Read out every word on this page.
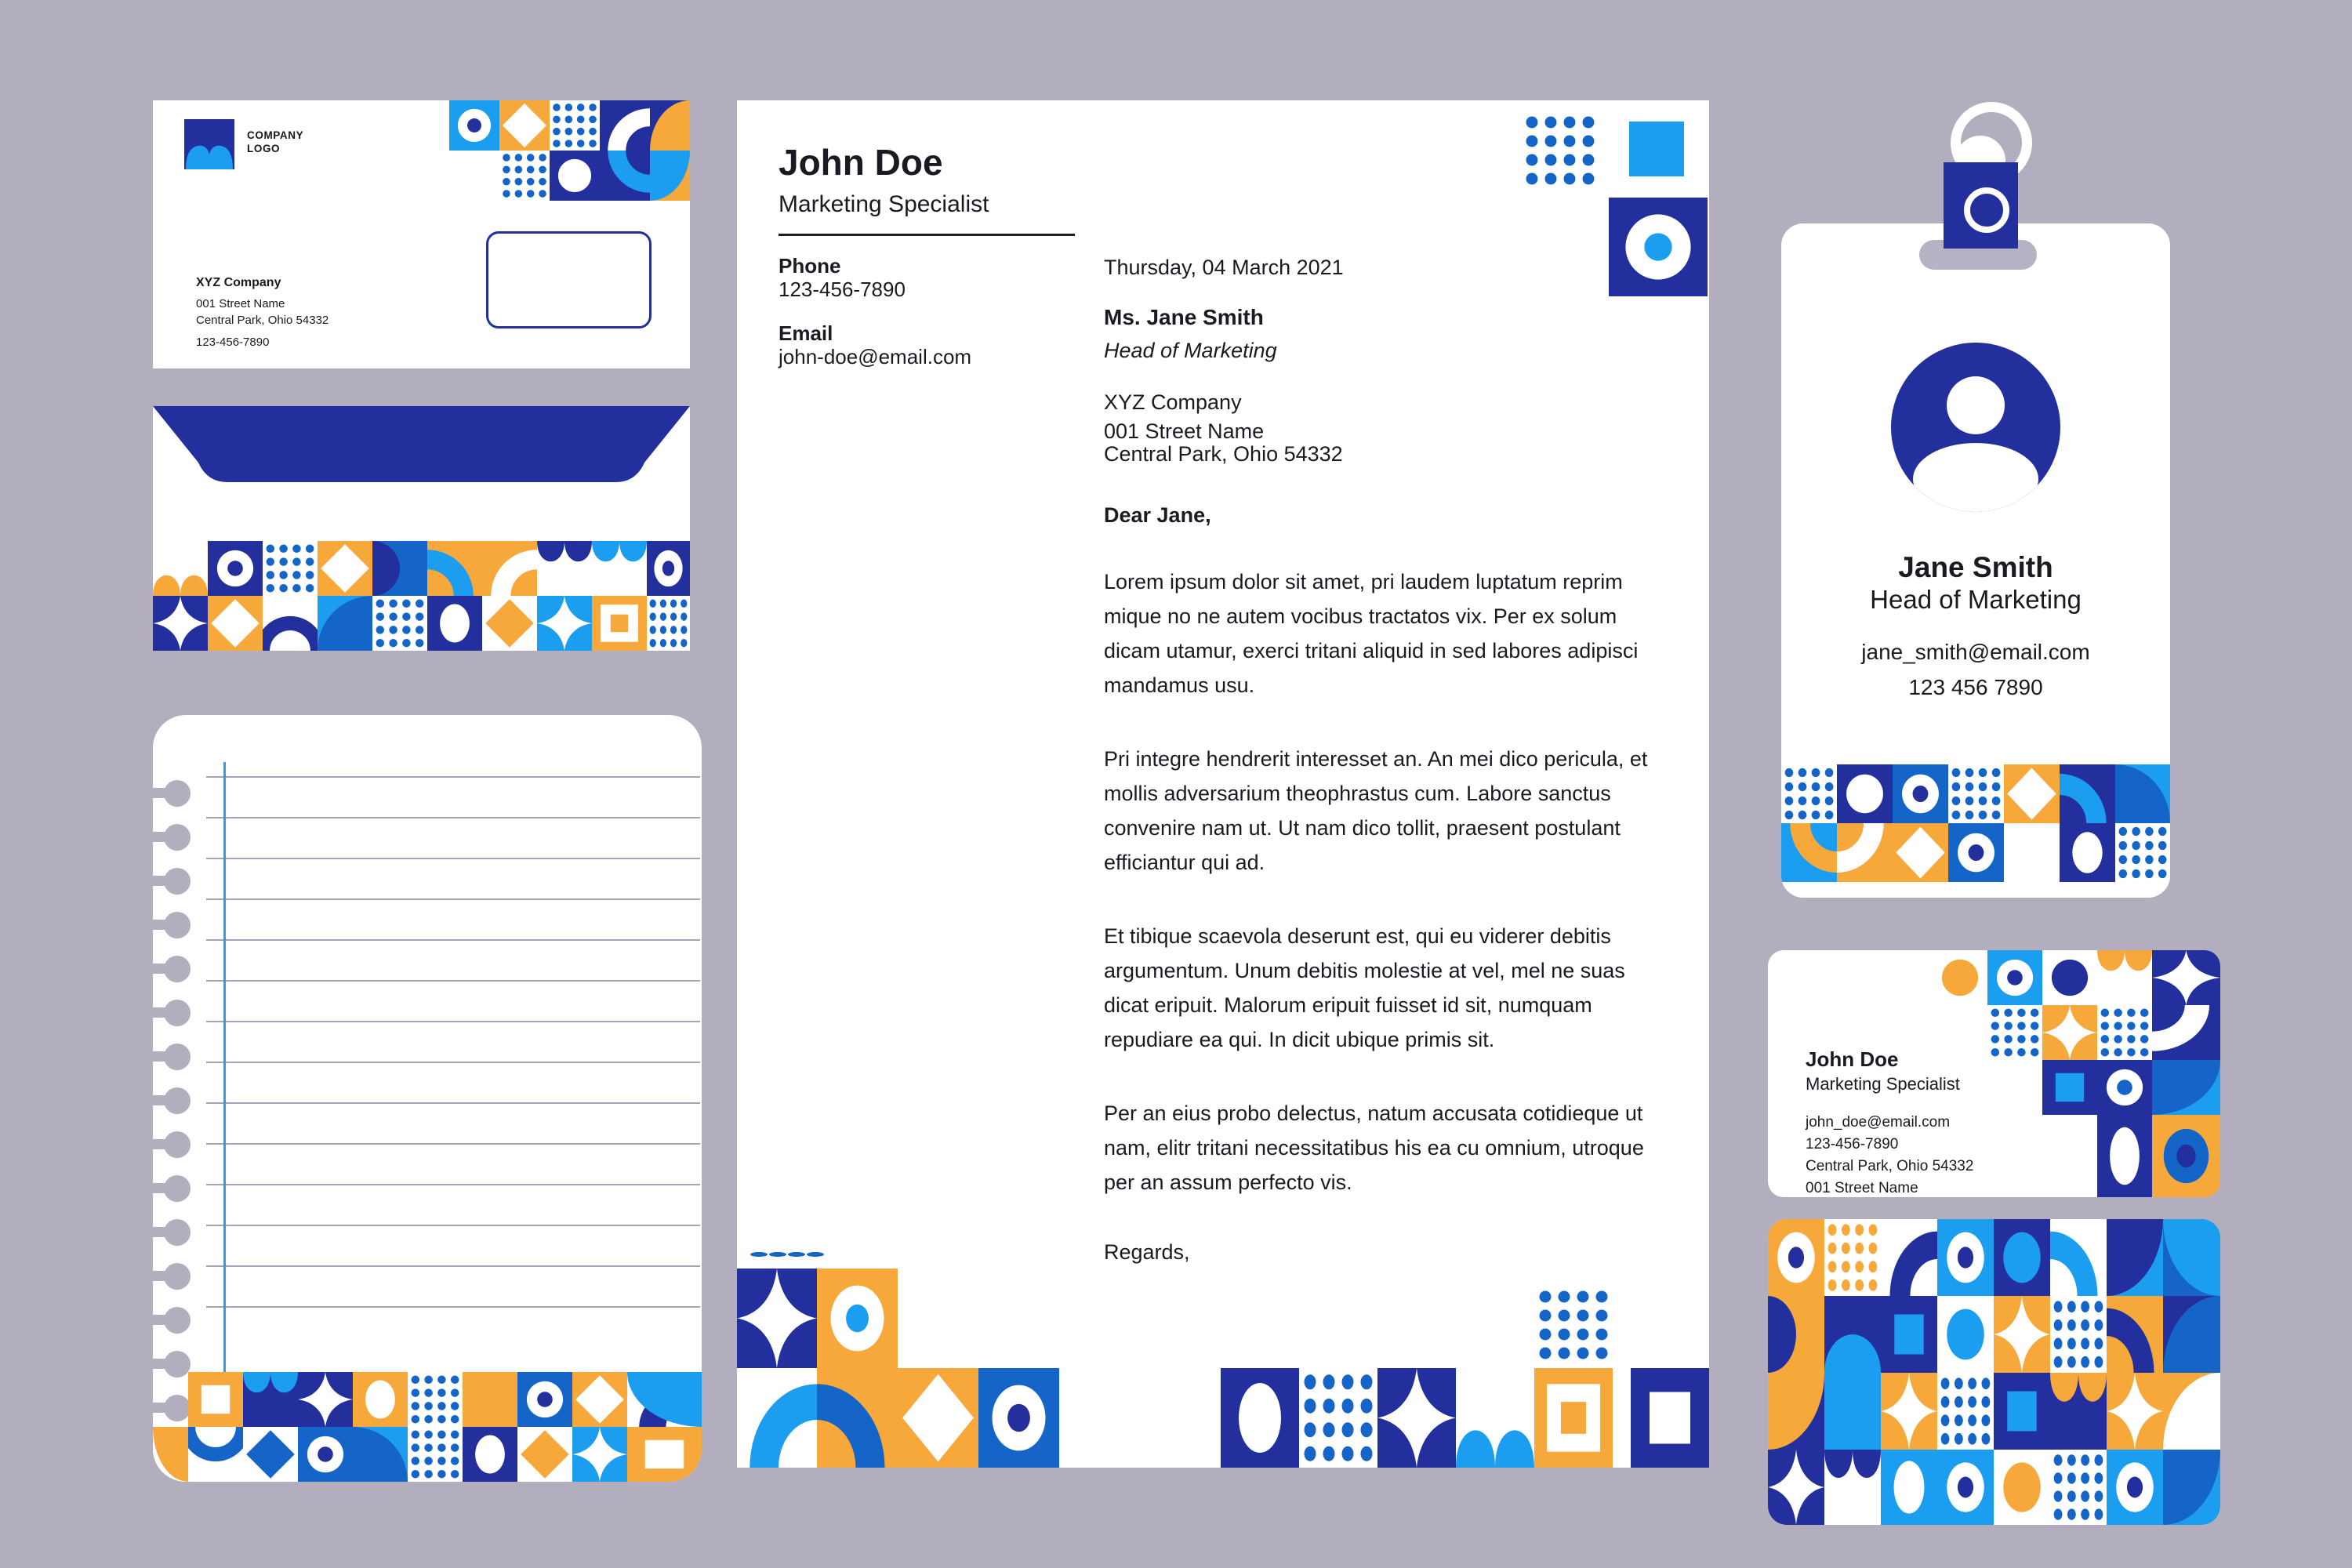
COMPANY
LOGO
XYZ Company
001 Street Name
Central Park, Ohio 54332
123-456-7890
John Doe
Marketing Specialist
Phone
123-456-7890
Email
john-doe@email.com
Thursday, 04 March 2021
Ms. Jane Smith
Head of Marketing
XYZ Company
001 Street Name
Central Park, Ohio 54332
Dear Jane,

Lorem ipsum dolor sit amet, pri laudem luptatum reprim mique no ne autem vocibus tractatos vix. Per ex solum dicam utamur, exerci tritani aliquid in sed labores adipisci mandamus usu.

Pri integre hendrerit interesset an. An mei dico pericula, et mollis adversarium theophrastus cum. Labore sanctus convenire nam ut. Ut nam dico tollit, praesent postulant efficiantur qui ad.

Et tibique scaevola deserunt est, qui eu viderer debitis argumentum. Unum debitis molestie at vel, mel ne suas dicat eripuit. Malorum eripuit fuisset id sit, numquam repudiare ea qui. In dicit ubique primis sit.

Per an eius probo delectus, natum accusata cotidieque ut nam, elitr tritani necessitatibus his ea cu omnium, utroque per an assum perfecto vis.

Regards,
Jane Smith
Head of Marketing
jane_smith@email.com
123 456 7890
John Doe
Marketing Specialist
john_doe@email.com
123-456-7890
Central Park, Ohio 54332
001 Street Name
